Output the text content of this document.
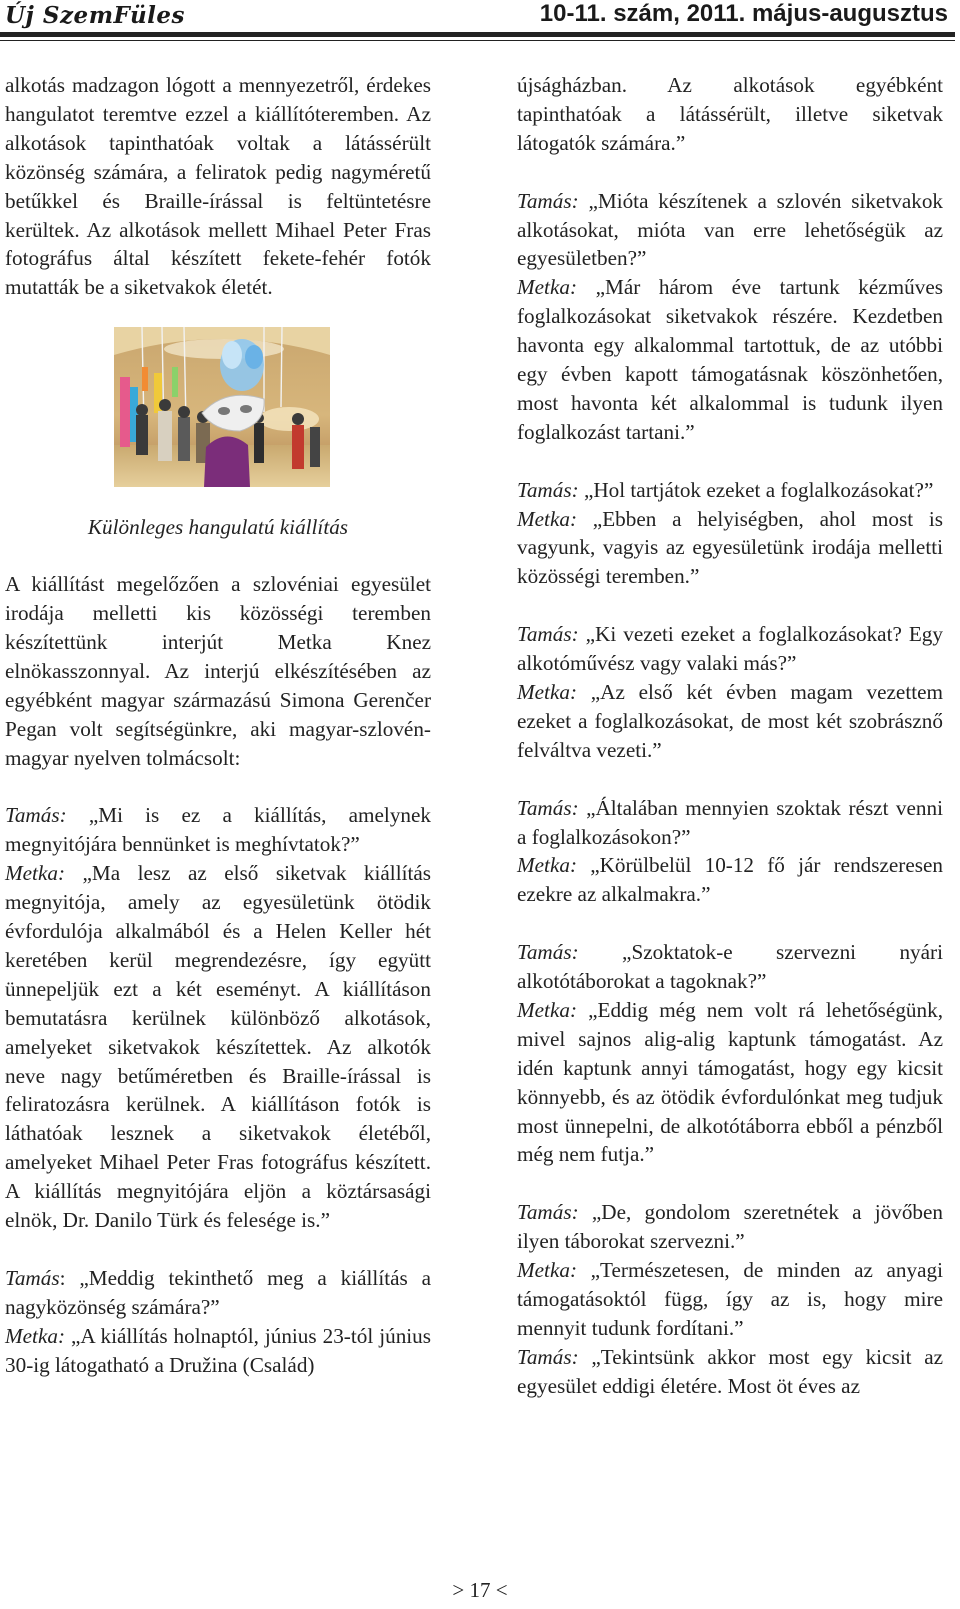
Új SzemFüles	10-11. szám, 2011. május-augusztus

alkotás madzagon lógott a mennyezetről, érdekes hangulatot teremtve ezzel a kiállítóteremben. Az alkotások tapinthatóak voltak a látássérült közönség számára, a feliratok pedig nagyméretű betűkkel és Braille-írással is feltüntetésre kerültek. Az alkotások mellett Mihael Peter Fras fotográfus által készített fekete-fehér fotók mutatták be a siketvakok életét.

Különleges hangulatú kiállítás

A kiállítást megelőzően a szlovéniai egyesület irodája melletti kis közösségi teremben készítettünk interjút Metka Knez elnökasszonnyal. Az interjú elkészítésében az egyébként magyar származású Simona Gerenčer Pegan volt segítségünkre, aki magyar-szlovén-magyar nyelven tolmácsolt:

Tamás: „Mi is ez a kiállítás, amelynek megnyitójára bennünket is meghívtatok?”

Metka: „Ma lesz az első siketvak kiállítás megnyitója, amely az egyesületünk ötödik évfordulója alkalmából és a Helen Keller hét keretében kerül megrendezésre, így együtt ünnepeljük ezt a két eseményt. A kiállításon bemutatásra kerülnek különböző alkotások, amelyeket siketvakok készítettek. Az alkotók neve nagy betűméretben és Braille-írással is feliratozásra kerülnek. A kiállításon fotók is láthatóak lesznek a siketvakok életéből, amelyeket Mihael Peter Fras fotográfus készített. A kiállítás megnyitójára eljön a köztársasági elnök, Dr. Danilo Türk és felesége is.”

Tamás: „Meddig tekinthető meg a kiállítás a nagyközönség számára?”

Metka: „A kiállítás holnaptól, június 23-tól június 30-ig látogatható a Družina (Család)

újságházban. Az alkotások egyébként tapinthatóak a látássérült, illetve siketvak látogatók számára.”

Tamás: „Mióta készítenek a szlovén siketvakok alkotásokat, mióta van erre lehetőségük az egyesületben?”

Metka: „Már három éve tartunk kézműves foglalkozásokat siketvakok részére. Kezdetben havonta egy alkalommal tartottuk, de az utóbbi egy évben kapott támogatásnak köszönhetően, most havonta két alkalommal is tudunk ilyen foglalkozást tartani.”

Tamás: „Hol tartjátok ezeket a foglalkozásokat?”

Metka: „Ebben a helyiségben, ahol most is vagyunk, vagyis az egyesületünk irodája melletti közösségi teremben.”

Tamás: „Ki vezeti ezeket a foglalkozásokat? Egy alkotóművész vagy valaki más?”

Metka: „Az első két évben magam vezettem ezeket a foglalkozásokat, de most két szobrásznő felváltva vezeti.”

Tamás: „Általában mennyien szoktak részt venni a foglalkozásokon?”

Metka: „Körülbelül 10-12 fő jár rendszeresen ezekre az alkalmakra.”

Tamás: „Szoktatok-e szervezni nyári alkotótáborokat a tagoknak?”

Metka: „Eddig még nem volt rá lehetőségünk, mivel sajnos alig-alig kaptunk támogatást. Az idén kaptunk annyi támogatást, hogy egy kicsit könnyebb, és az ötödik évfordulónkat meg tudjuk most ünnepelni, de alkotótáborra ebből a pénzből még nem futja.”

Tamás: „De, gondolom szeretnétek a jövőben ilyen táborokat szervezni.”

Metka: „Természetesen, de minden az anyagi támogatásoktól függ, így az is, hogy mire mennyit tudunk fordítani.”

Tamás: „Tekintsünk akkor most egy kicsit az egyesület eddigi életére. Most öt éves az

> 17 <
